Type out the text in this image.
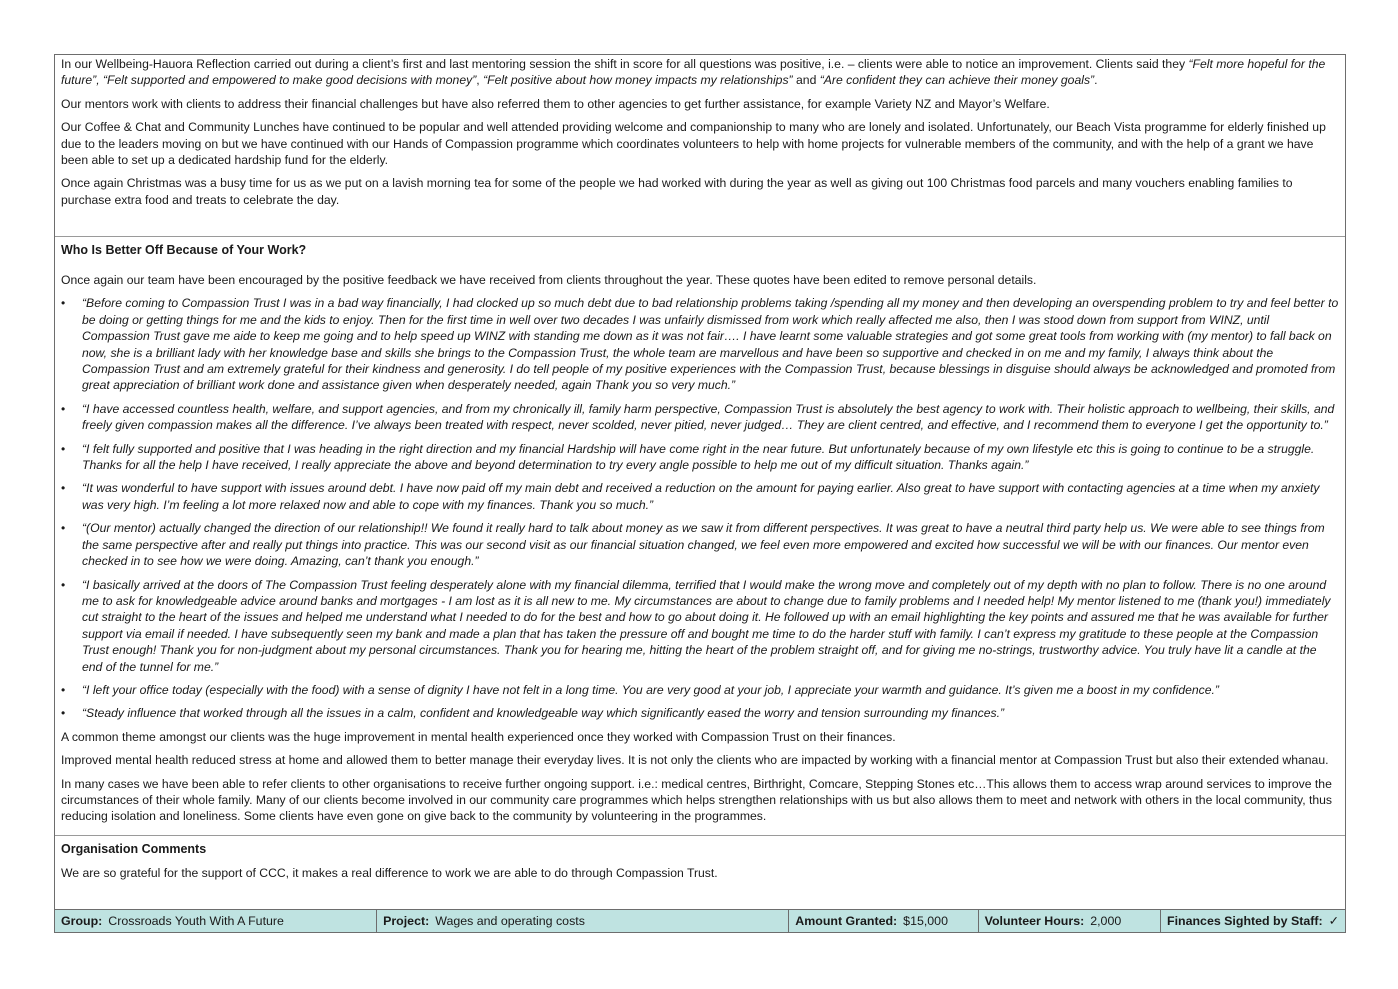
In our Wellbeing-Hauora Reflection carried out during a client’s first and last mentoring session the shift in score for all questions was positive, i.e. – clients were able to notice an improvement. Clients said they “Felt more hopeful for the future”, “Felt supported and empowered to make good decisions with money”, “Felt positive about how money impacts my relationships” and “Are confident they can achieve their money goals”.

Our mentors work with clients to address their financial challenges but have also referred them to other agencies to get further assistance, for example Variety NZ and Mayor’s Welfare.

Our Coffee & Chat and Community Lunches have continued to be popular and well attended providing welcome and companionship to many who are lonely and isolated. Unfortunately, our Beach Vista programme for elderly finished up due to the leaders moving on but we have continued with our Hands of Compassion programme which coordinates volunteers to help with home projects for vulnerable members of the community, and with the help of a grant we have been able to set up a dedicated hardship fund for the elderly.

Once again Christmas was a busy time for us as we put on a lavish morning tea for some of the people we had worked with during the year as well as giving out 100 Christmas food parcels and many vouchers enabling families to purchase extra food and treats to celebrate the day.

Who Is Better Off Because of Your Work?

Once again our team have been encouraged by the positive feedback we have received from clients throughout the year. These quotes have been edited to remove personal details.

• “Before coming to Compassion Trust I was in a bad way financially, I had clocked up so much debt due to bad relationship problems taking /spending all my money and then developing an overspending problem to try and feel better to be doing or getting things for me and the kids to enjoy. Then for the first time in well over two decades I was unfairly dismissed from work which really affected me also, then I was stood down from support from WINZ, until Compassion Trust gave me aide to keep me going and to help speed up WINZ with standing me down as it was not fair…. I have learnt some valuable strategies and got some great tools from working with (my mentor) to fall back on now, she is a brilliant lady with her knowledge base and skills she brings to the Compassion Trust, the whole team are marvellous and have been so supportive and checked in on me and my family, I always think about the Compassion Trust and am extremely grateful for their kindness and generosity. I do tell people of my positive experiences with the Compassion Trust, because blessings in disguise should always be acknowledged and promoted from great appreciation of brilliant work done and assistance given when desperately needed, again Thank you so very much.”
• “I have accessed countless health, welfare, and support agencies, and from my chronically ill, family harm perspective, Compassion Trust is absolutely the best agency to work with. Their holistic approach to wellbeing, their skills, and freely given compassion makes all the difference. I’ve always been treated with respect, never scolded, never pitied, never judged… They are client centred, and effective, and I recommend them to everyone I get the opportunity to.”
• “I felt fully supported and positive that I was heading in the right direction and my financial Hardship will have come right in the near future. But unfortunately because of my own lifestyle etc this is going to continue to be a struggle. Thanks for all the help I have received, I really appreciate the above and beyond determination to try every angle possible to help me out of my difficult situation. Thanks again.”
• “It was wonderful to have support with issues around debt. I have now paid off my main debt and received a reduction on the amount for paying earlier. Also great to have support with contacting agencies at a time when my anxiety was very high. I’m feeling a lot more relaxed now and able to cope with my finances. Thank you so much.”
• “(Our mentor) actually changed the direction of our relationship!! We found it really hard to talk about money as we saw it from different perspectives. It was great to have a neutral third party help us. We were able to see things from the same perspective after and really put things into practice. This was our second visit as our financial situation changed, we feel even more empowered and excited how successful we will be with our finances. Our mentor even checked in to see how we were doing. Amazing, can’t thank you enough.”
• “I basically arrived at the doors of The Compassion Trust feeling desperately alone with my financial dilemma, terrified that I would make the wrong move and completely out of my depth with no plan to follow. There is no one around me to ask for knowledgeable advice around banks and mortgages - I am lost as it is all new to me. My circumstances are about to change due to family problems and I needed help! My mentor listened to me (thank you!) immediately cut straight to the heart of the issues and helped me understand what I needed to do for the best and how to go about doing it. He followed up with an email highlighting the key points and assured me that he was available for further support via email if needed. I have subsequently seen my bank and made a plan that has taken the pressure off and bought me time to do the harder stuff with family. I can’t express my gratitude to these people at the Compassion Trust enough! Thank you for non-judgment about my personal circumstances. Thank you for hearing me, hitting the heart of the problem straight off, and for giving me no-strings, trustworthy advice. You truly have lit a candle at the end of the tunnel for me.”
• “I left your office today (especially with the food) with a sense of dignity I have not felt in a long time. You are very good at your job, I appreciate your warmth and guidance. It’s given me a boost in my confidence.”
• “Steady influence that worked through all the issues in a calm, confident and knowledgeable way which significantly eased the worry and tension surrounding my finances.”

A common theme amongst our clients was the huge improvement in mental health experienced once they worked with Compassion Trust on their finances.

Improved mental health reduced stress at home and allowed them to better manage their everyday lives. It is not only the clients who are impacted by working with a financial mentor at Compassion Trust but also their extended whanau.

In many cases we have been able to refer clients to other organisations to receive further ongoing support. i.e.: medical centres, Birthright, Comcare, Stepping Stones etc…This allows them to access wrap around services to improve the circumstances of their whole family. Many of our clients become involved in our community care programmes which helps strengthen relationships with us but also allows them to meet and network with others in the local community, thus reducing isolation and loneliness. Some clients have even gone on give back to the community by volunteering in the programmes.

Organisation Comments

We are so grateful for the support of CCC, it makes a real difference to work we are able to do through Compassion Trust.

Group: Crossroads Youth With A Future	Project: Wages and operating costs	Amount Granted: $15,000	Volunteer Hours: 2,000	Finances Sighted by Staff: ✓
